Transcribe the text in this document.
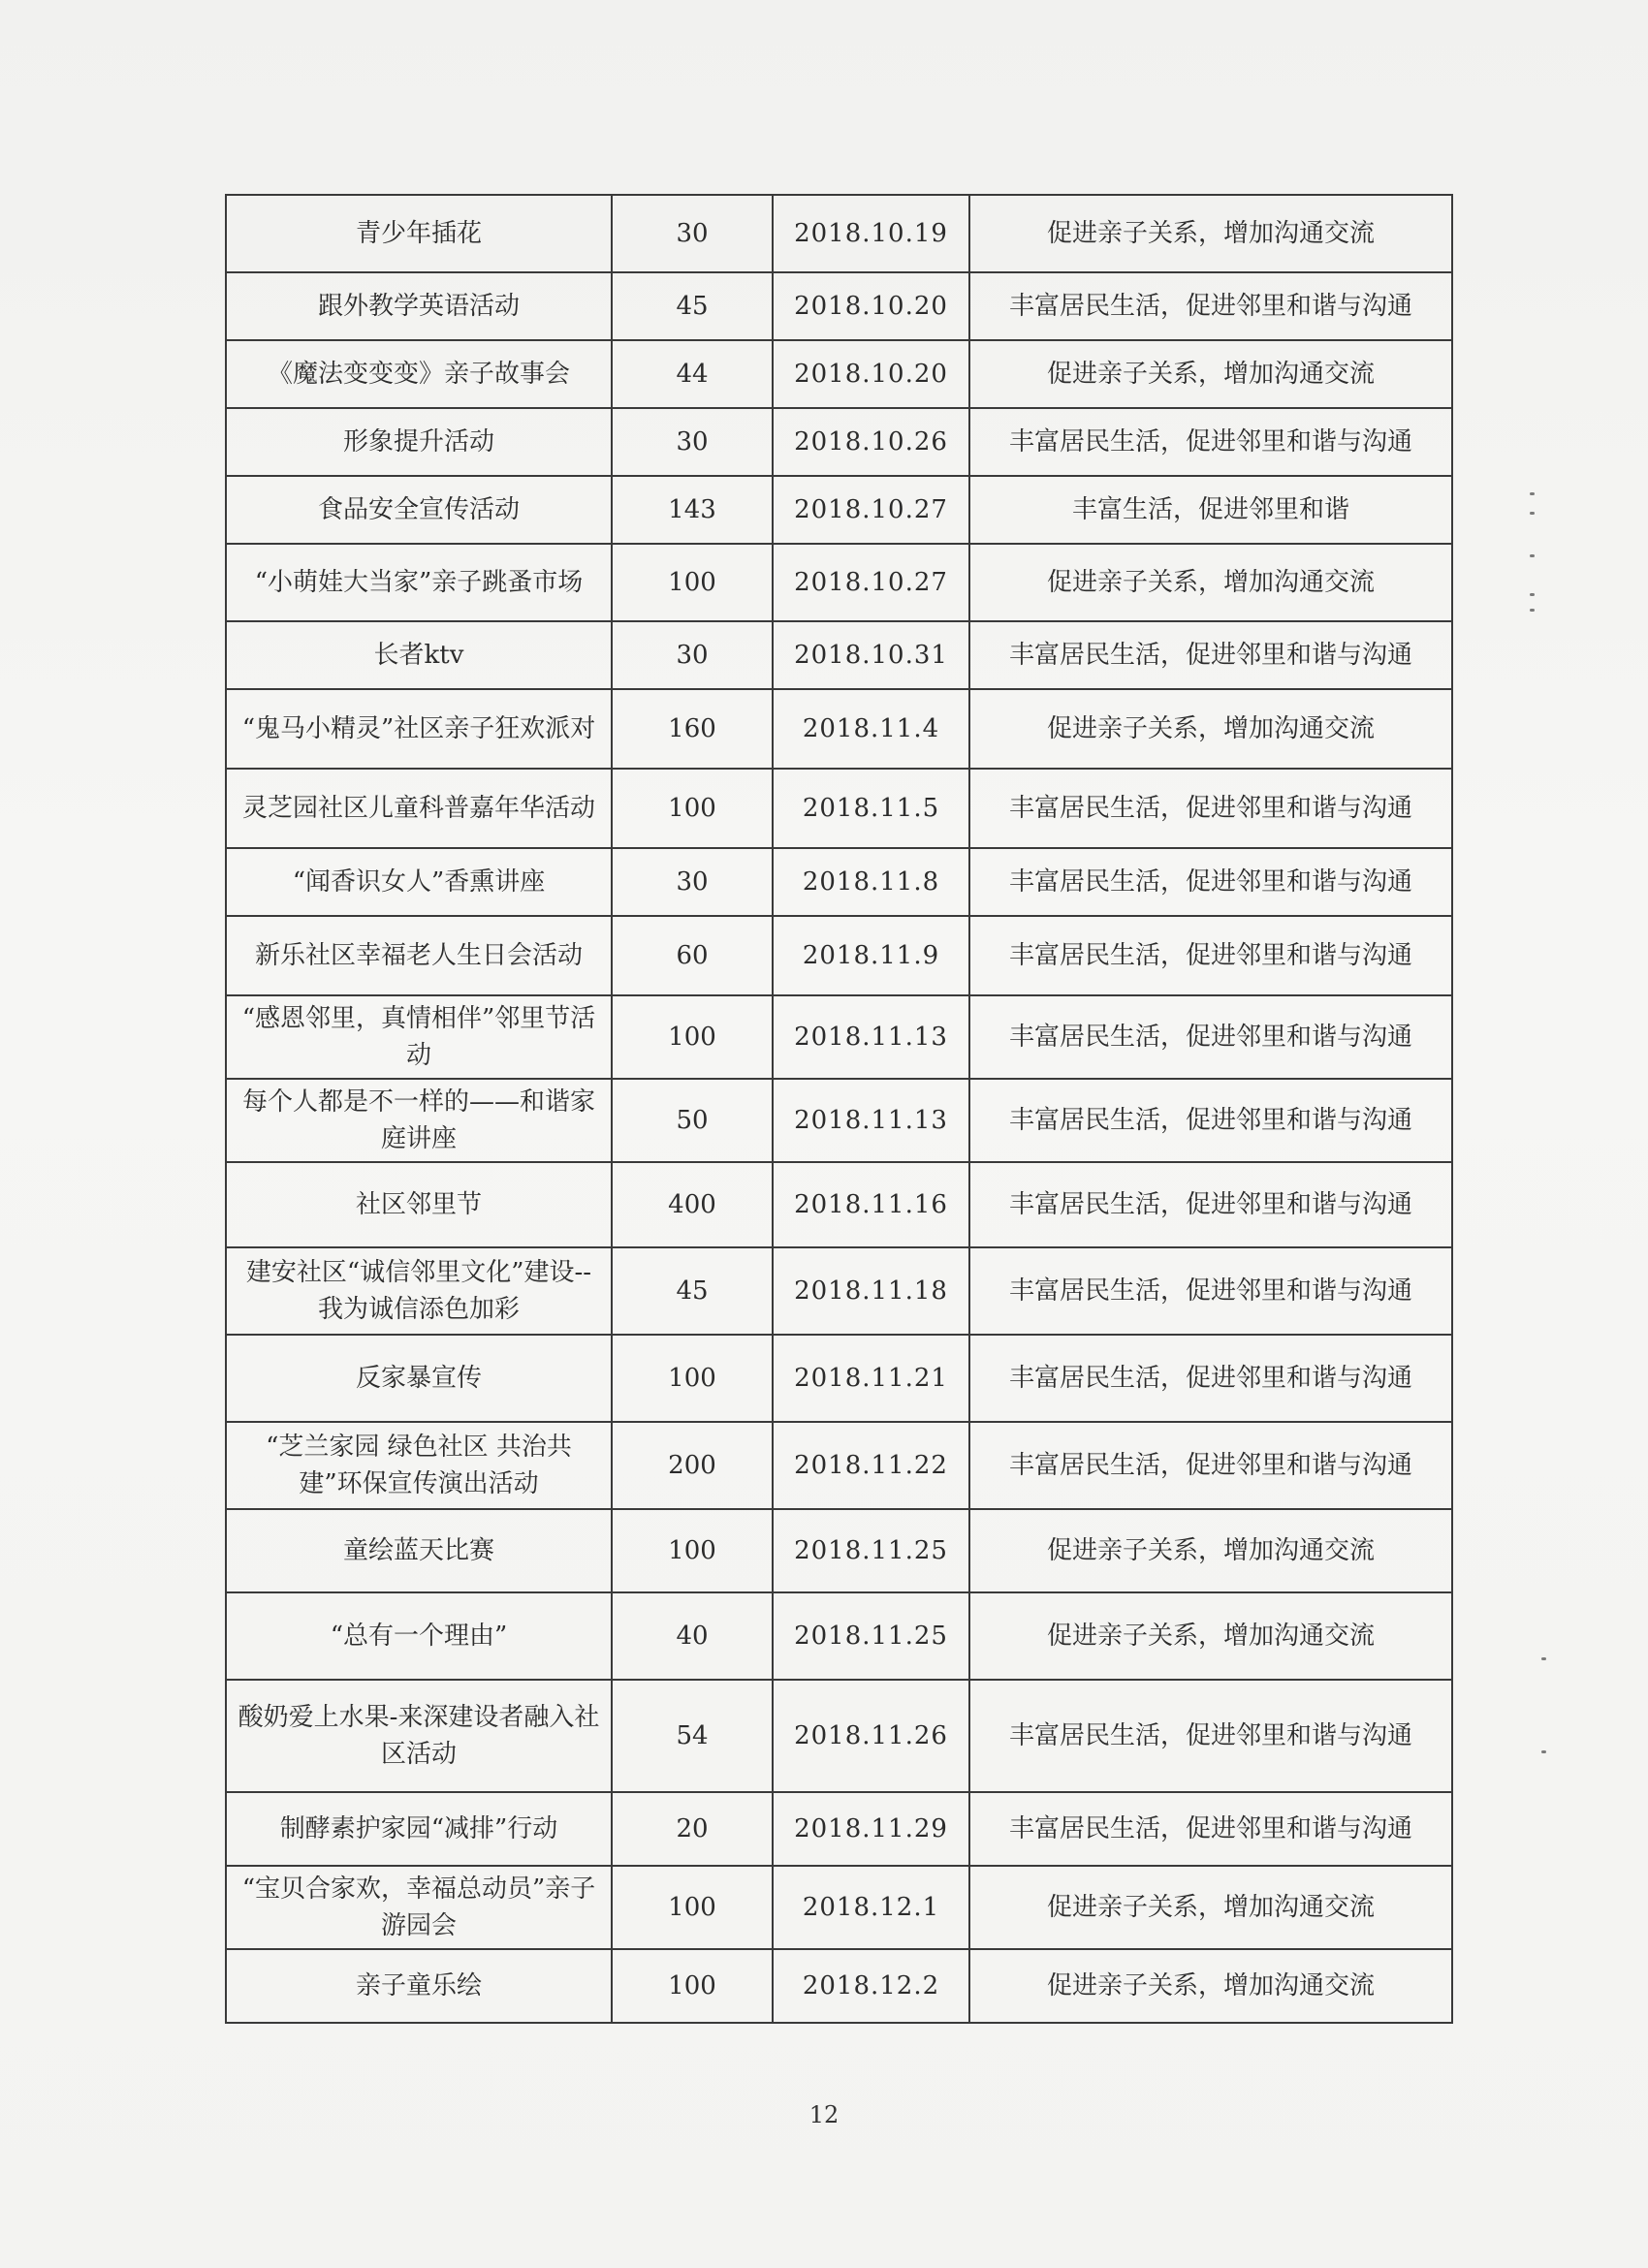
青少年插花	30	2018.10.19	促进亲子关系，增加沟通交流
跟外教学英语活动	45	2018.10.20	丰富居民生活，促进邻里和谐与沟通
《魔法变变变》亲子故事会	44	2018.10.20	促进亲子关系，增加沟通交流
形象提升活动	30	2018.10.26	丰富居民生活，促进邻里和谐与沟通
食品安全宣传活动	143	2018.10.27	丰富生活，促进邻里和谐
“小萌娃大当家”亲子跳蚤市场	100	2018.10.27	促进亲子关系，增加沟通交流
长者ktv	30	2018.10.31	丰富居民生活，促进邻里和谐与沟通
“鬼马小精灵”社区亲子狂欢派对	160	2018.11.4	促进亲子关系，增加沟通交流
灵芝园社区儿童科普嘉年华活动	100	2018.11.5	丰富居民生活，促进邻里和谐与沟通
“闻香识女人”香熏讲座	30	2018.11.8	丰富居民生活，促进邻里和谐与沟通
新乐社区幸福老人生日会活动	60	2018.11.9	丰富居民生活，促进邻里和谐与沟通
“感恩邻里，真情相伴”邻里节活动	100	2018.11.13	丰富居民生活，促进邻里和谐与沟通
每个人都是不一样的——和谐家庭讲座	50	2018.11.13	丰富居民生活，促进邻里和谐与沟通
社区邻里节	400	2018.11.16	丰富居民生活，促进邻里和谐与沟通
建安社区“诚信邻里文化”建设--我为诚信添色加彩	45	2018.11.18	丰富居民生活，促进邻里和谐与沟通
反家暴宣传	100	2018.11.21	丰富居民生活，促进邻里和谐与沟通
“芝兰家园 绿色社区 共治共建”环保宣传演出活动	200	2018.11.22	丰富居民生活，促进邻里和谐与沟通
童绘蓝天比赛	100	2018.11.25	促进亲子关系，增加沟通交流
“总有一个理由”	40	2018.11.25	促进亲子关系，增加沟通交流
酸奶爱上水果-来深建设者融入社区活动	54	2018.11.26	丰富居民生活，促进邻里和谐与沟通
制酵素护家园“减排”行动	20	2018.11.29	丰富居民生活，促进邻里和谐与沟通
“宝贝合家欢，幸福总动员”亲子游园会	100	2018.12.1	促进亲子关系，增加沟通交流
亲子童乐绘	100	2018.12.2	促进亲子关系，增加沟通交流
12
